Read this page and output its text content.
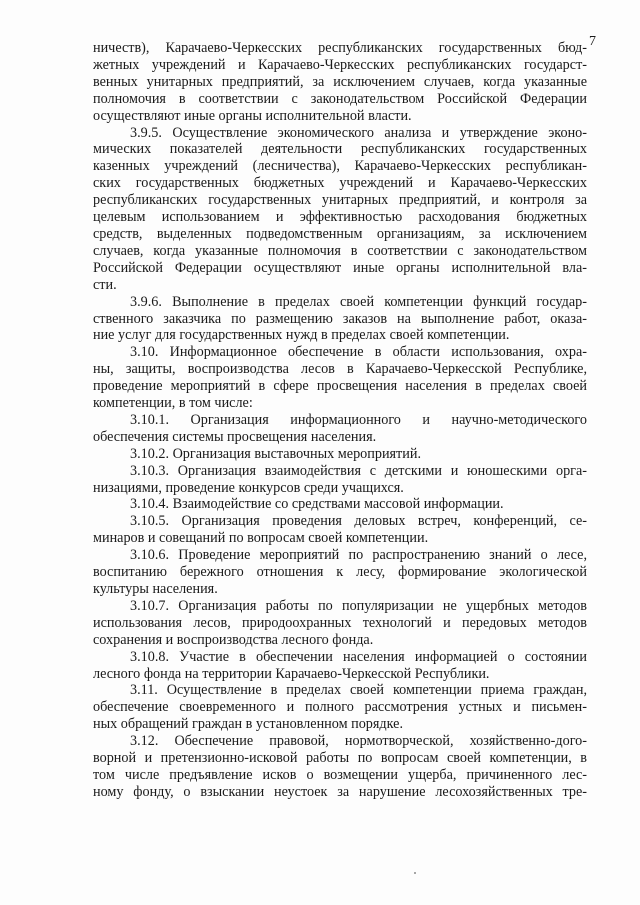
7
ничеств), Карачаево-Черкесских республиканских государственных бюд-
жетных учреждений и Карачаево-Черкесских республиканских государст-
венных унитарных предприятий, за исключением случаев, когда указанные
полномочия в соответствии с законодательством Российской Федерации
осуществляют иные органы исполнительной власти.
3.9.5. Осуществление экономического анализа и утверждение эконо-
мических показателей деятельности республиканских государственных
казенных учреждений (лесничества), Карачаево-Черкесских республикан-
ских государственных бюджетных учреждений и Карачаево-Черкесских
республиканских государственных унитарных предприятий, и контроля за
целевым использованием и эффективностью расходования бюджетных
средств, выделенных подведомственным организациям, за исключением
случаев, когда указанные полномочия в соответствии с законодательством
Российской Федерации осуществляют иные органы исполнительной вла-
сти.
3.9.6. Выполнение в пределах своей компетенции функций государ-
ственного заказчика по размещению заказов на выполнение работ, оказа-
ние услуг для государственных нужд в пределах своей компетенции.
3.10. Информационное обеспечение в области использования, охра-
ны, защиты, воспроизводства лесов в Карачаево-Черкесской Республике,
проведение мероприятий в сфере просвещения населения в пределах своей
компетенции, в том числе:
3.10.1. Организация информационного и научно-методического
обеспечения системы просвещения населения.
3.10.2. Организация выставочных мероприятий.
3.10.3. Организация взаимодействия с детскими и юношескими орга-
низациями, проведение конкурсов среди учащихся.
3.10.4. Взаимодействие со средствами массовой информации.
3.10.5. Организация проведения деловых встреч, конференций, се-
минаров и совещаний по вопросам своей компетенции.
3.10.6. Проведение мероприятий по распространению знаний о лесе,
воспитанию бережного отношения к лесу, формирование экологической
культуры населения.
3.10.7. Организация работы по популяризации не ущербных методов
использования лесов, природоохранных технологий и передовых методов
сохранения и воспроизводства лесного фонда.
3.10.8. Участие в обеспечении населения информацией о состоянии
лесного фонда на территории Карачаево-Черкесской Республики.
3.11. Осуществление в пределах своей компетенции приема граждан,
обеспечение своевременного и полного рассмотрения устных и письмен-
ных обращений граждан в установленном порядке.
3.12. Обеспечение правовой, нормотворческой, хозяйственно-дого-
ворной и претензионно-исковой работы по вопросам своей компетенции, в
том числе предъявление исков о возмещении ущерба, причиненного лес-
ному фонду, о взыскании неустоек за нарушение лесохозяйственных тре-
